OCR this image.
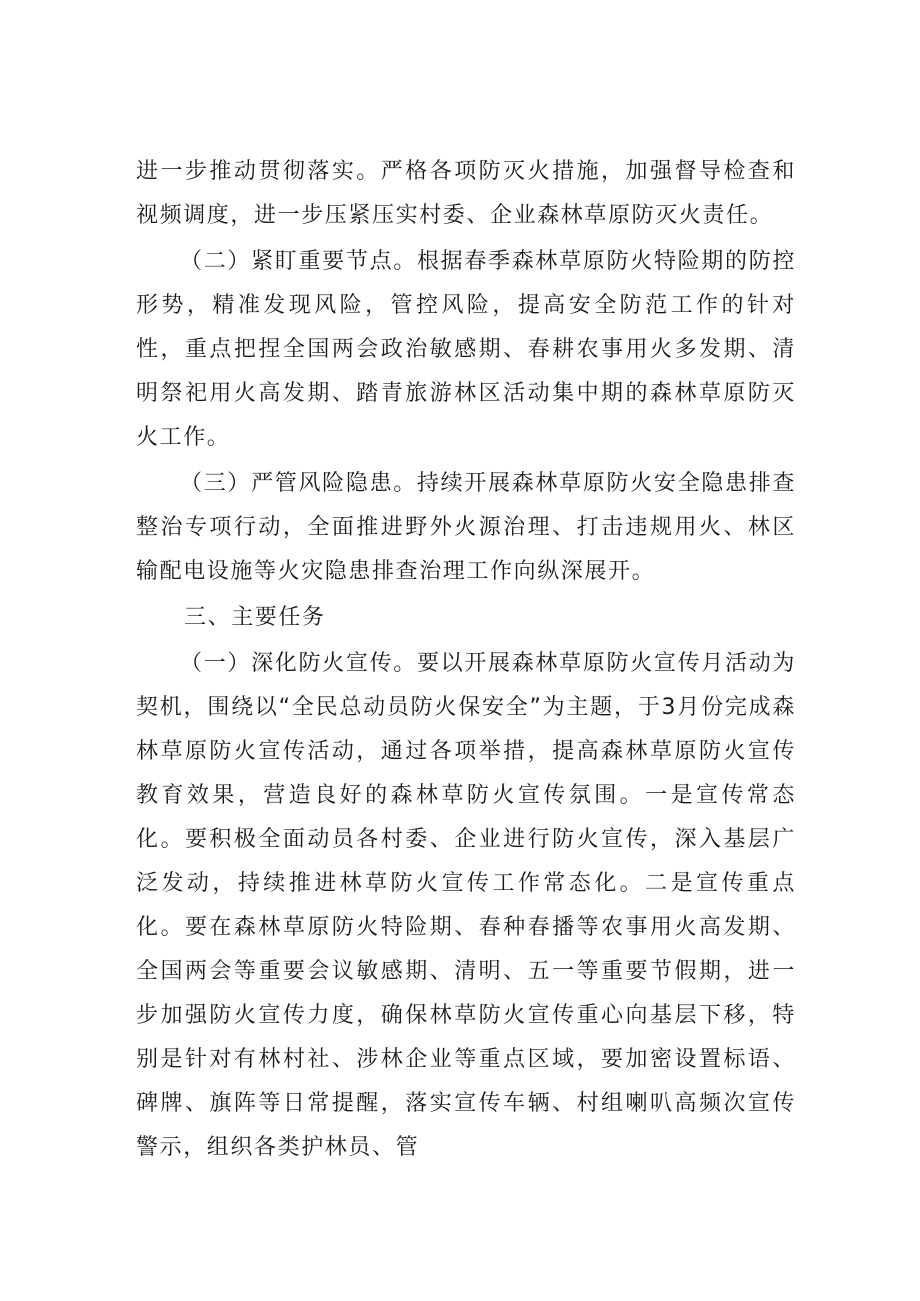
进一步推动贯彻落实。严格各项防灭火措施，加强督导检查和视频调度，进一步压紧压实村委、企业森林草原防灭火责任。

（二）紧盯重要节点。根据春季森林草原防火特险期的防控形势，精准发现风险，管控风险，提高安全防范工作的针对性，重点把捏全国两会政治敏感期、春耕农事用火多发期、清明祭祀用火高发期、踏青旅游林区活动集中期的森林草原防灭火工作。

（三）严管风险隐患。持续开展森林草原防火安全隐患排查整治专项行动，全面推进野外火源治理、打击违规用火、林区输配电设施等火灾隐患排查治理工作向纵深展开。

三、主要任务

（一）深化防火宣传。要以开展森林草原防火宣传月活动为契机，围绕以“全民总动员防火保安全”为主题，于3月份完成森林草原防火宣传活动，通过各项举措，提高森林草原防火宣传教育效果，营造良好的森林草防火宣传氛围。一是宣传常态化。要积极全面动员各村委、企业进行防火宣传，深入基层广泛发动，持续推进林草防火宣传工作常态化。二是宣传重点化。要在森林草原防火特险期、春种春播等农事用火高发期、全国两会等重要会议敏感期、清明、五一等重要节假期，进一步加强防火宣传力度，确保林草防火宣传重心向基层下移，特别是针对有林村社、涉林企业等重点区域，要加密设置标语、碑牌、旗阵等日常提醒，落实宣传车辆、村组喇叭高频次宣传警示，组织各类护林员、管
